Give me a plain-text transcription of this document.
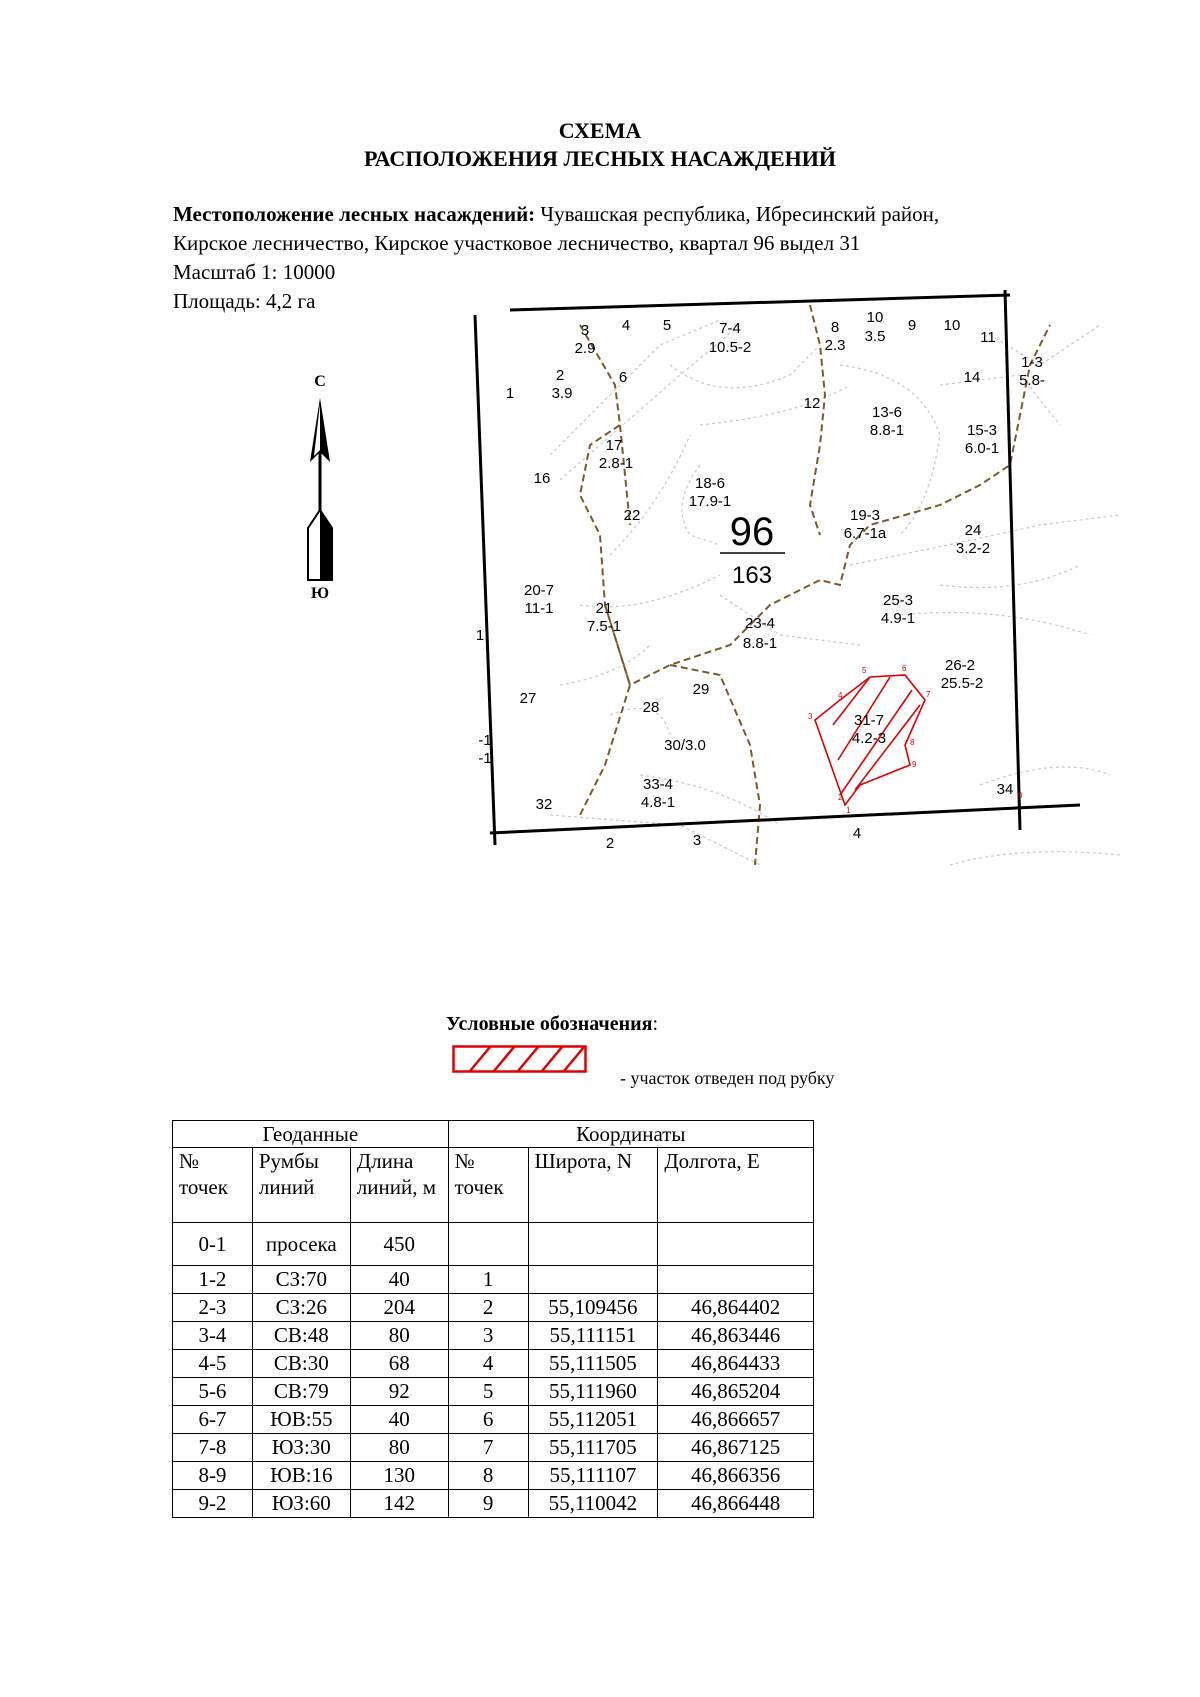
СХЕМА
РАСПОЛОЖЕНИЯ ЛЕСНЫХ НАСАЖДЕНИЙ
Местоположение лесных насаждений: Чувашская республика, Ибресинский район,
Кирское лесничество, Кирское участковое лесничество, квартал 96 выдел 31
Масштаб 1: 10000
Площадь: 4,2 га
С
Ю
1
2
3
4
5	6
7
8
9
0
3
2.9
4 5	7-4
10.5-2
8
2.3
10
3.5
9 10
11
1-3
5.8-
1
2
3.9
6
12
14
13-6
8.8-1	15-3
6.0-1
17
2.8-1
16	18-6
17.9-1
22	19-3
6.7-1а	24
3.2-2
20-7
11-1	21
7.5-1	23-4
8.8-1
25-3
4.9-1
26-2
25.5-2
31-7
4.2-3
27
28
29
30/3.0
33-4
4.8-1
32
34
2	3	4
-1
-1
1
96
163
Условные обозначения:
- участок отведен под рубку
Геоданные			Координаты		
№ точек	Румбы линий	Длина линий, м	№ точек	Широта, N	Долгота, E
0-1	просека	450			
1-2	СЗ:70	40	1		
2-3	СЗ:26	204	2	55,109456	46,864402
3-4	СВ:48	80	3	55,111151	46,863446
4-5	СВ:30	68	4	55,111505	46,864433
5-6	СВ:79	92	5	55,111960	46,865204
6-7	ЮВ:55	40	6	55,112051	46,866657
7-8	ЮЗ:30	80	7	55,111705	46,867125
8-9	ЮВ:16	130	8	55,111107	46,866356
9-2	ЮЗ:60	142	9	55,110042	46,866448
